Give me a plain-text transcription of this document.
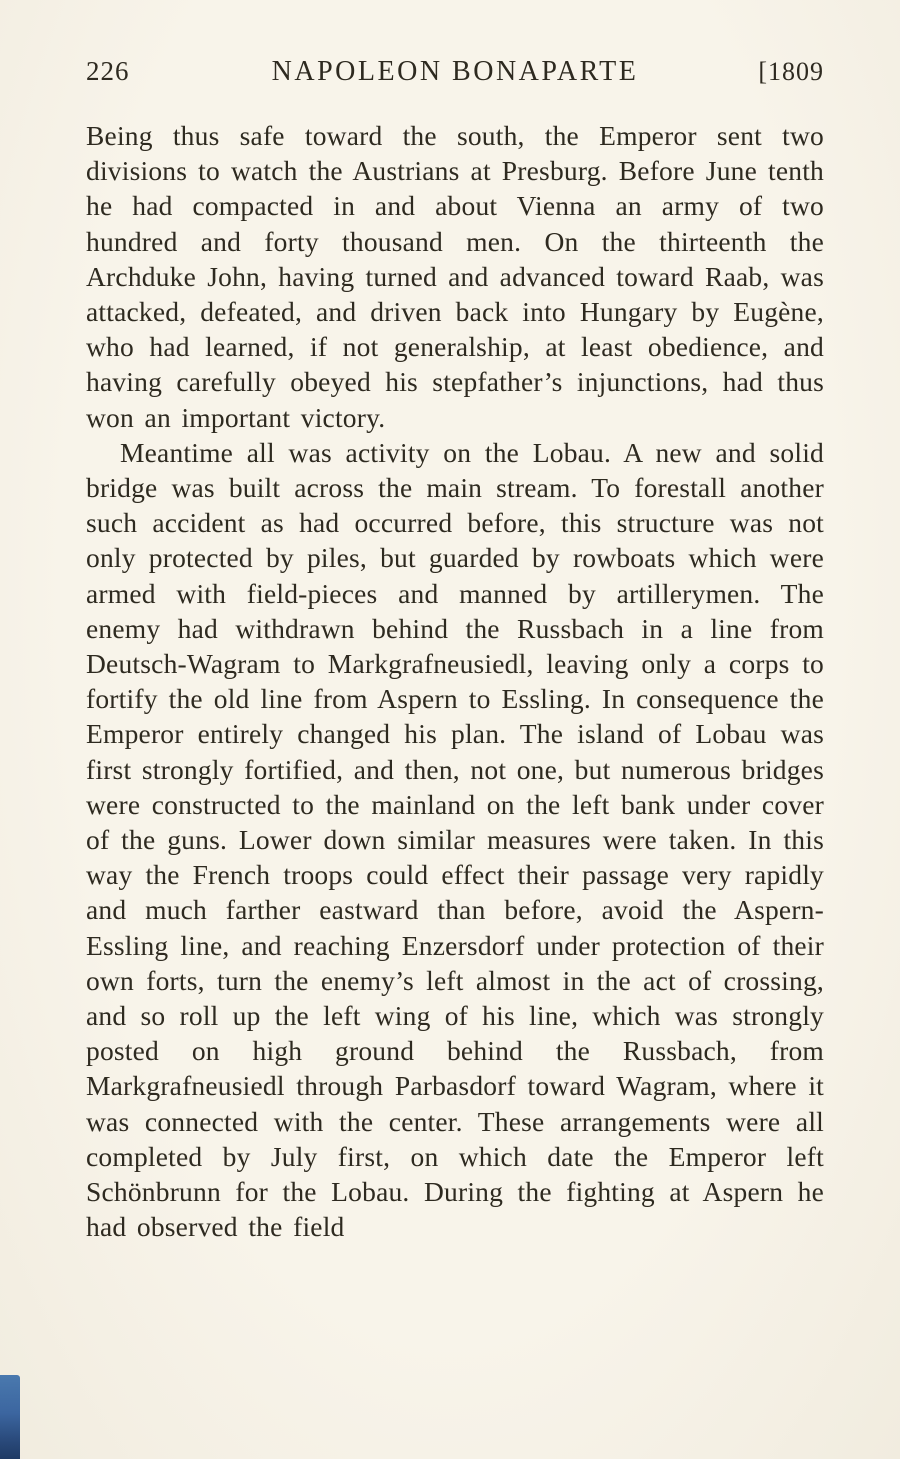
226	NAPOLEON BONAPARTE	[1809

Being thus safe toward the south, the Emperor sent two divisions to watch the Austrians at Presburg. Before June tenth he had compacted in and about Vienna an army of two hundred and forty thousand men. On the thirteenth the Archduke John, having turned and advanced toward Raab, was attacked, defeated, and driven back into Hungary by Eugène, who had learned, if not generalship, at least obedience, and having carefully obeyed his stepfather’s injunctions, had thus won an important victory.

Meantime all was activity on the Lobau. A new and solid bridge was built across the main stream. To forestall another such accident as had occurred before, this structure was not only protected by piles, but guarded by rowboats which were armed with field-pieces and manned by artillerymen. The enemy had withdrawn behind the Russbach in a line from Deutsch-Wagram to Markgrafneusiedl, leaving only a corps to fortify the old line from Aspern to Essling. In consequence the Emperor entirely changed his plan. The island of Lobau was first strongly fortified, and then, not one, but numerous bridges were constructed to the mainland on the left bank under cover of the guns. Lower down similar measures were taken. In this way the French troops could effect their passage very rapidly and much farther eastward than before, avoid the Aspern-Essling line, and reaching Enzersdorf under protection of their own forts, turn the enemy’s left almost in the act of crossing, and so roll up the left wing of his line, which was strongly posted on high ground behind the Russbach, from Markgrafneusiedl through Parbasdorf toward Wagram, where it was connected with the center. These arrangements were all completed by July first, on which date the Emperor left Schönbrunn for the Lobau. During the fighting at Aspern he had observed the field
